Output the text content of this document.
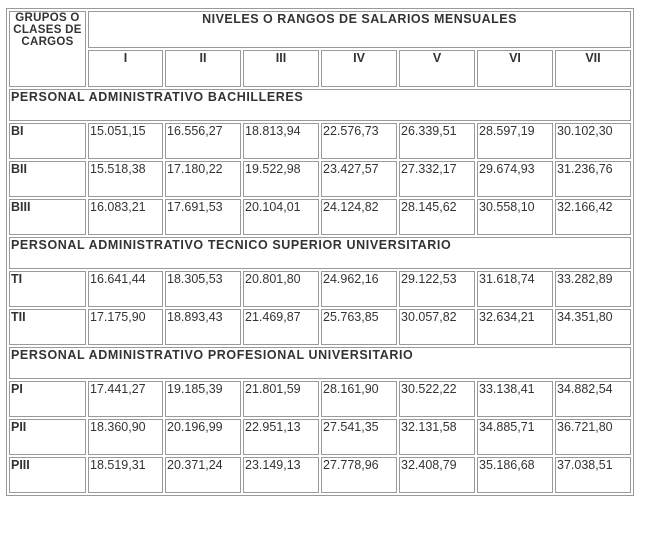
GRUPOS O CLASES DE CARGOS	NIVELES O RANGOS DE SALARIOS MENSUALES						
	I	II	III	IV	V	VI	VII
PERSONAL ADMINISTRATIVO BACHILLERES							
BI	15.051,15	16.556,27	18.813,94	22.576,73	26.339,51	28.597,19	30.102,30
BII	15.518,38	17.180,22	19.522,98	23.427,57	27.332,17	29.674,93	31.236,76
BIII	16.083,21	17.691,53	20.104,01	24.124,82	28.145,62	30.558,10	32.166,42
PERSONAL ADMINISTRATIVO TECNICO SUPERIOR UNIVERSITARIO							
TI	16.641,44	18.305,53	20.801,80	24.962,16	29.122,53	31.618,74	33.282,89
TII	17.175,90	18.893,43	21.469,87	25.763,85	30.057,82	32.634,21	34.351,80
PERSONAL ADMINISTRATIVO PROFESIONAL UNIVERSITARIO							
PI	17.441,27	19.185,39	21.801,59	28.161,90	30.522,22	33.138,41	34.882,54
PII	18.360,90	20.196,99	22.951,13	27.541,35	32.131,58	34.885,71	36.721,80
PIII	18.519,31	20.371,24	23.149,13	27.778,96	32.408,79	35.186,68	37.038,51
